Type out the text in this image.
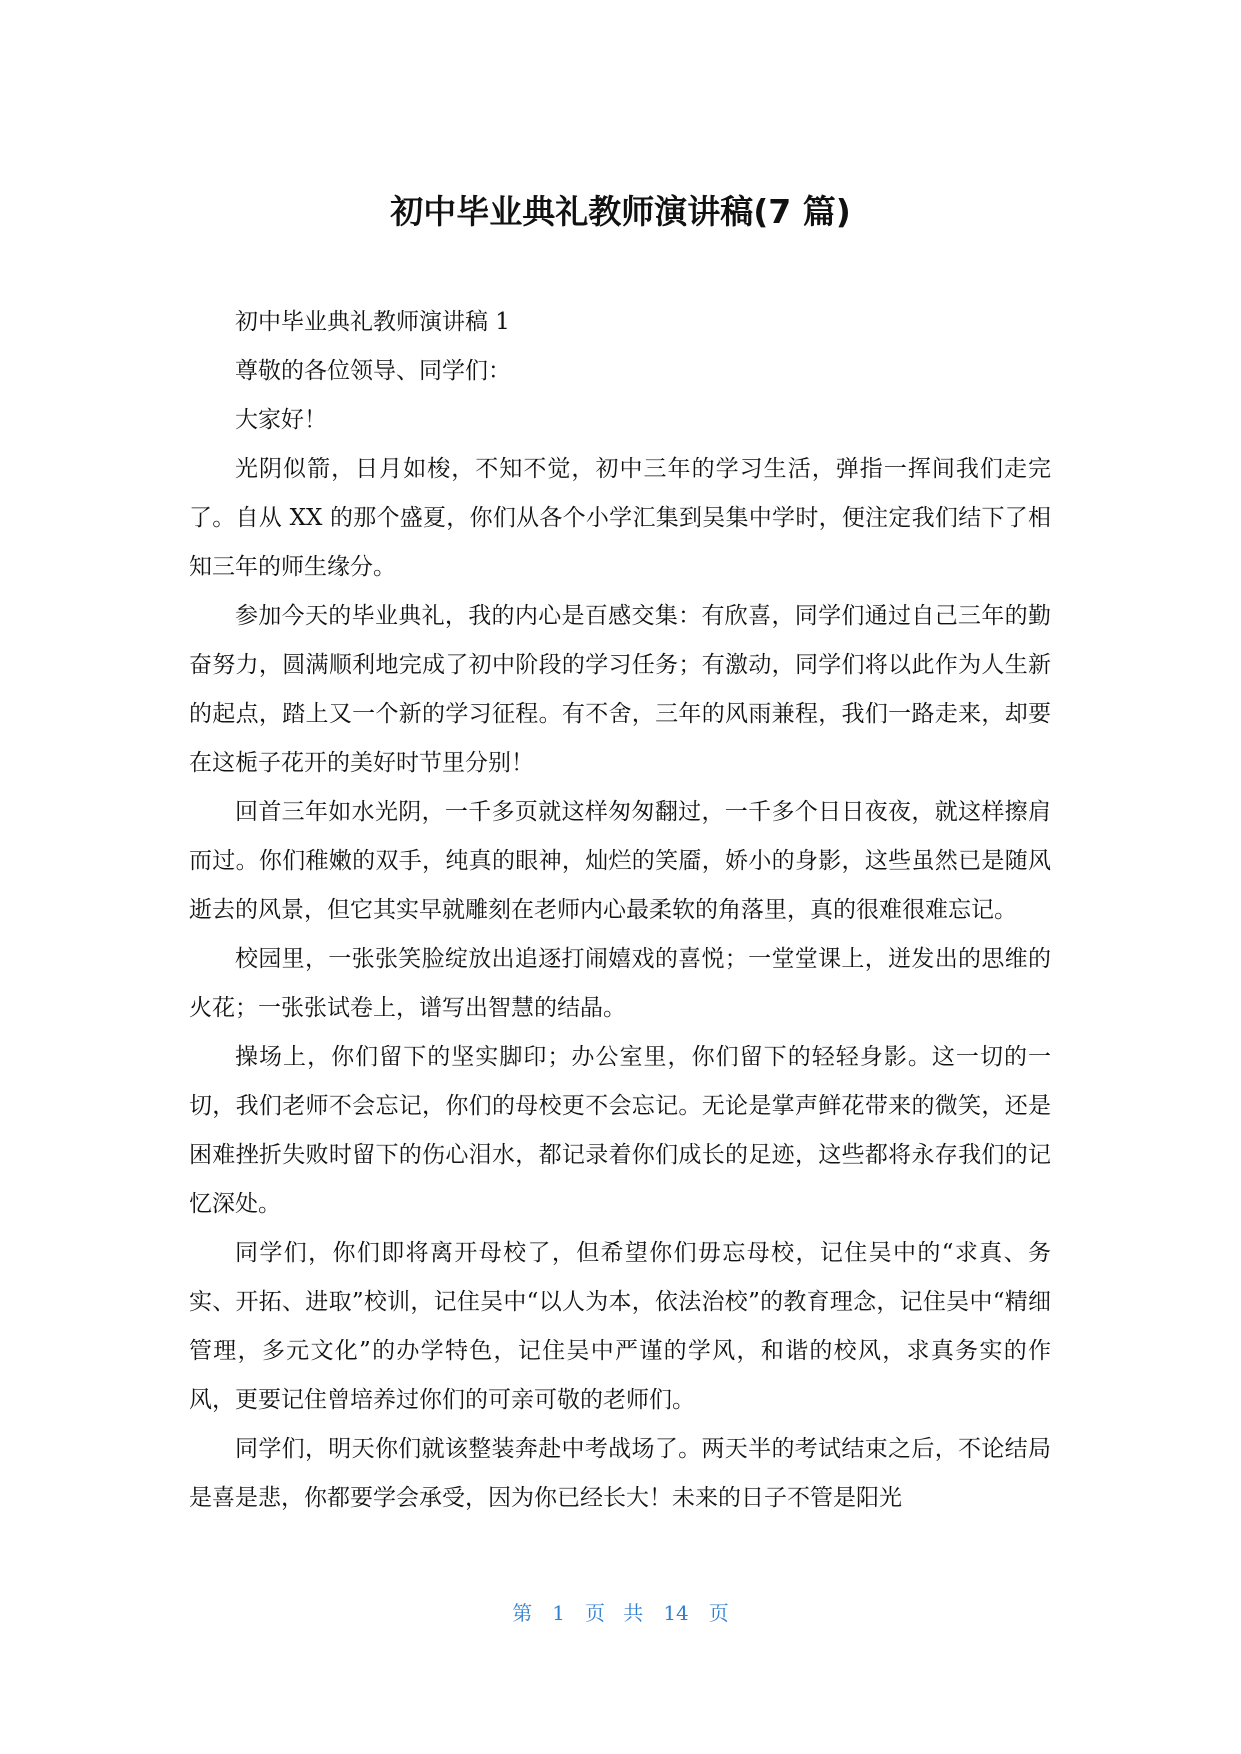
初中毕业典礼教师演讲稿(7 篇)

初中毕业典礼教师演讲稿 1

尊敬的各位领导、同学们：

大家好！

光阴似箭，日月如梭，不知不觉，初中三年的学习生活，弹指一挥间我们走完了。自从 XX 的那个盛夏，你们从各个小学汇集到吴集中学时，便注定我们结下了相知三年的师生缘分。

参加今天的毕业典礼，我的内心是百感交集：有欣喜，同学们通过自己三年的勤奋努力，圆满顺利地完成了初中阶段的学习任务；有激动，同学们将以此作为人生新的起点，踏上又一个新的学习征程。有不舍，三年的风雨兼程，我们一路走来，却要在这栀子花开的美好时节里分别！

回首三年如水光阴，一千多页就这样匆匆翻过，一千多个日日夜夜，就这样擦肩而过。你们稚嫩的双手，纯真的眼神，灿烂的笑靥，娇小的身影，这些虽然已是随风逝去的风景，但它其实早就雕刻在老师内心最柔软的角落里，真的很难很难忘记。

校园里，一张张笑脸绽放出追逐打闹嬉戏的喜悦；一堂堂课上，迸发出的思维的火花；一张张试卷上，谱写出智慧的结晶。

操场上，你们留下的坚实脚印；办公室里，你们留下的轻轻身影。这一切的一切，我们老师不会忘记，你们的母校更不会忘记。无论是掌声鲜花带来的微笑，还是困难挫折失败时留下的伤心泪水，都记录着你们成长的足迹，这些都将永存我们的记忆深处。

同学们，你们即将离开母校了，但希望你们毋忘母校，记住吴中的“求真、务实、开拓、进取”校训，记住吴中“以人为本，依法治校”的教育理念，记住吴中“精细管理，多元文化”的办学特色，记住吴中严谨的学风，和谐的校风，求真务实的作风，更要记住曾培养过你们的可亲可敬的老师们。

同学们，明天你们就该整装奔赴中考战场了。两天半的考试结束之后，不论结局是喜是悲，你都要学会承受，因为你已经长大！未来的日子不管是阳光

第 1 页 共 14 页
